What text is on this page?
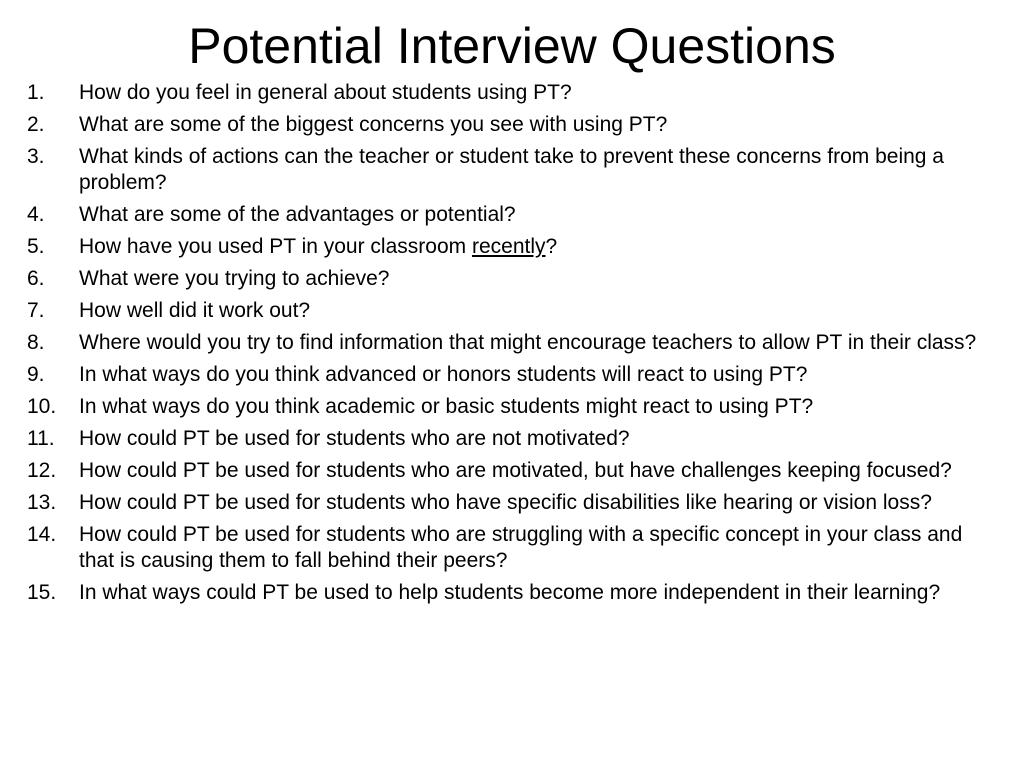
Potential Interview Questions
1.	How do you feel in general about students using PT?
2.	What are some of the biggest concerns you see with using PT?
3.	What kinds of actions can the teacher or student take to prevent these concerns from being a problem?
4.	What are some of the advantages or potential?
5.	How have you used PT in your classroom recently?
6.	What were you trying to achieve?
7.	How well did it work out?
8.	Where would you try to find information that might encourage teachers to allow PT in their class?
9.	In what ways do you think advanced or honors students will react to using PT?
10.	In what ways do you think academic or basic students might react to using PT?
11.	How could PT be used for students who are not motivated?
12.	How could PT be used for students who are motivated, but have challenges keeping focused?
13.	How could PT be used for students who have specific disabilities like hearing or vision loss?
14.	How could PT be used for students who are struggling with a specific concept in your class and that is causing them to fall behind their peers?
15.	In what ways could PT be used to help students become more independent in their learning?
